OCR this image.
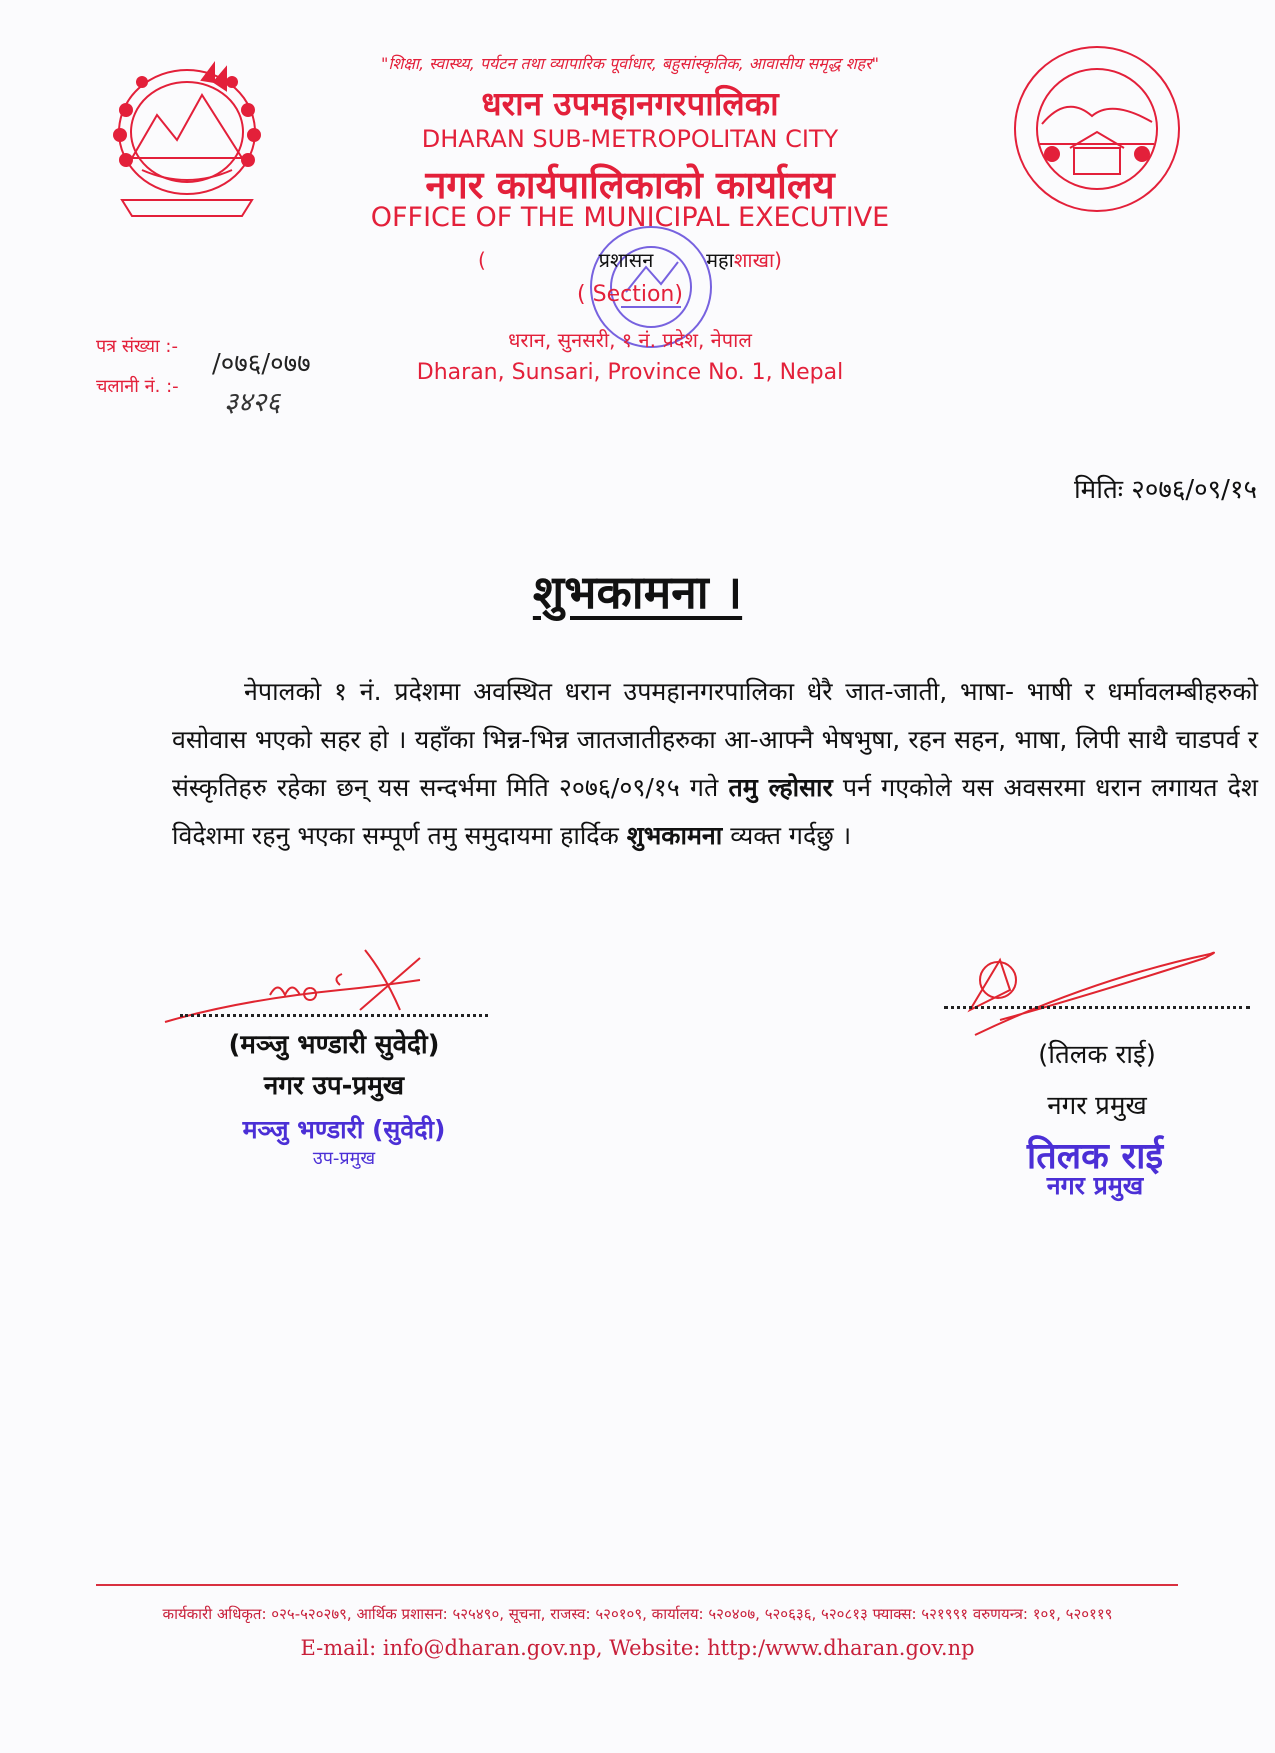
"शिक्षा, स्वास्थ्य, पर्यटन तथा व्यापारिक पूर्वाधार, बहुसांस्कृतिक, आवासीय समृद्ध शहर"
धरान उपमहानगरपालिका
DHARAN SUB-METROPOLITAN CITY
नगर कार्यपालिकाको कार्यालय
OFFICE OF THE MUNICIPAL EXECUTIVE
(	प्रशासन	महाशाखा)
( Section)
धरान, सुनसरी, १ नं. प्रदेश, नेपाल
Dharan, Sunsari, Province No. 1, Nepal
पत्र संख्या :-
चलानी नं. :-
/०७६/०७७
३४२६
मितिः २०७६/०९/१५
शुभकामना ।
नेपालको १ नं. प्रदेशमा अवस्थित धरान उपमहानगरपालिका धेरै जात-जाती, भाषा- भाषी र धर्मावलम्बीहरुको वसोवास भएको सहर हो । यहाँका भिन्न-भिन्न जातजातीहरुका आ-आफ्नै भेषभुषा, रहन सहन, भाषा, लिपी साथै चाडपर्व र संस्कृतिहरु रहेका छन् यस सन्दर्भमा मिति २०७६/०९/१५ गते तमु ल्होसार पर्न गएकोले यस अवसरमा धरान लगायत देश विदेशमा रहनु भएका सम्पूर्ण तमु समुदायमा हार्दिक शुभकामना व्यक्त गर्दछु ।
(मञ्जु भण्डारी सुवेदी)
नगर उप-प्रमुख
मञ्जु भण्डारी (सुवेदी)
उप-प्रमुख
(तिलक राई)
नगर प्रमुख
तिलक राई
नगर प्रमुख
कार्यकारी अधिकृत: ०२५-५२०२७९, आर्थिक प्रशासन: ५२५४९०, सूचना, राजस्व: ५२०१०९, कार्यालय: ५२०४०७, ५२०६३६, ५२०८१३ फ्याक्स: ५२१९९१ वरुणयन्त्र: १०१, ५२०११९
E-mail: info@dharan.gov.np, Website: http:/www.dharan.gov.np
